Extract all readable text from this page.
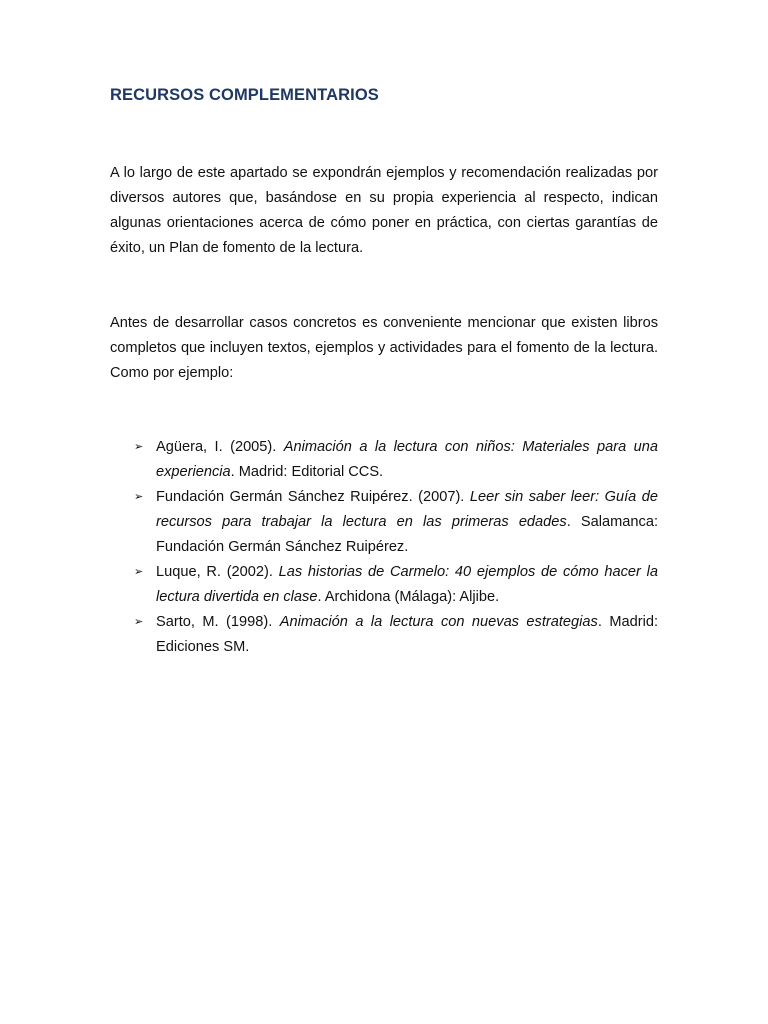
RECURSOS COMPLEMENTARIOS

A lo largo de este apartado se expondrán ejemplos y recomendación realizadas por diversos autores que, basándose en su propia experiencia al respecto, indican algunas orientaciones acerca de cómo poner en práctica, con ciertas garantías de éxito, un Plan de fomento de la lectura.

Antes de desarrollar casos concretos es conveniente mencionar que existen libros completos que incluyen textos, ejemplos y actividades para el fomento de la lectura. Como por ejemplo:

➢ Agüera, I. (2005). Animación a la lectura con niños: Materiales para una experiencia. Madrid: Editorial CCS.
➢ Fundación Germán Sánchez Ruipérez. (2007). Leer sin saber leer: Guía de recursos para trabajar la lectura en las primeras edades. Salamanca: Fundación Germán Sánchez Ruipérez.
➢ Luque, R. (2002). Las historias de Carmelo: 40 ejemplos de cómo hacer la lectura divertida en clase. Archidona (Málaga): Aljibe.
➢ Sarto, M. (1998). Animación a la lectura con nuevas estrategias. Madrid: Ediciones SM.
